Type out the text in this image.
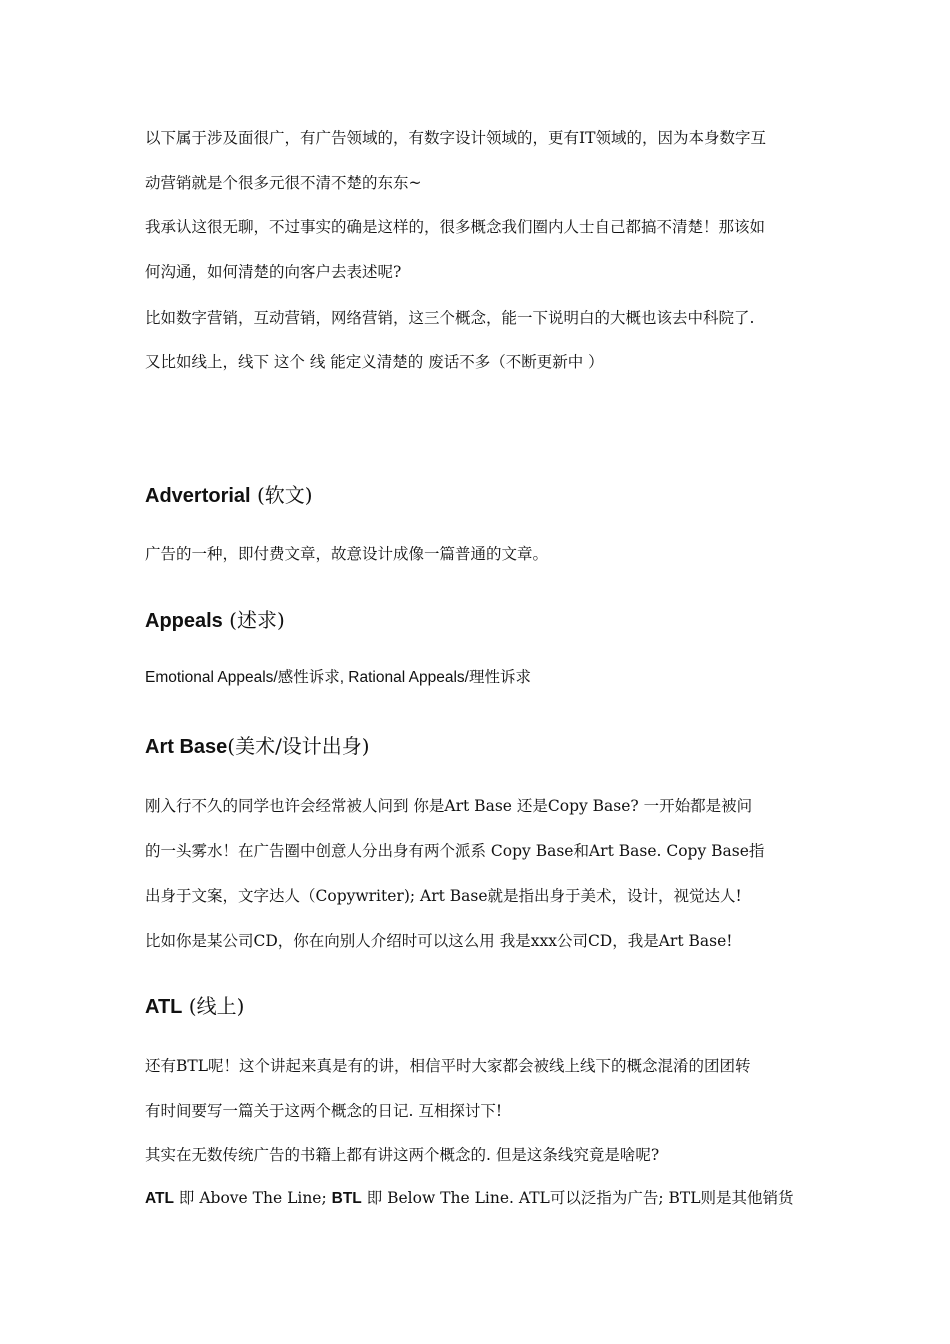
以下属于涉及面很广，有广告领域的，有数字设计领域的，更有IT领域的，因为本身数字互
动营销就是个很多元很不清不楚的东东~
我承认这很无聊，不过事实的确是这样的，很多概念我们圈内人士自己都搞不清楚！那该如
何沟通，如何清楚的向客户去表述呢?
比如数字营销，互动营销，网络营销，这三个概念，能一下说明白的大概也该去中科院了.
又比如线上，线下 这个 线 能定义清楚的 废话不多（不断更新中 ）
Advertorial (软文)
广告的一种，即付费文章，故意设计成像一篇普通的文章。
Appeals (述求)
Emotional Appeals/感性诉求, Rational Appeals/理性诉求
Art Base(美术/设计出身)
刚入行不久的同学也许会经常被人问到 你是Art Base 还是Copy Base? 一开始都是被问
的一头雾水！在广告圈中创意人分出身有两个派系 Copy Base和Art Base. Copy Base指
出身于文案，文字达人（Copywriter); Art Base就是指出身于美术，设计，视觉达人!
比如你是某公司CD，你在向别人介绍时可以这么用 我是xxx公司CD，我是Art Base!
ATL (线上)
还有BTL呢！这个讲起来真是有的讲，相信平时大家都会被线上线下的概念混淆的团团转
有时间要写一篇关于这两个概念的日记. 互相探讨下!
其实在无数传统广告的书籍上都有讲这两个概念的. 但是这条线究竟是啥呢?
ATL 即 Above The Line; BTL 即 Below The Line. ATL可以泛指为广告; BTL则是其他销货
